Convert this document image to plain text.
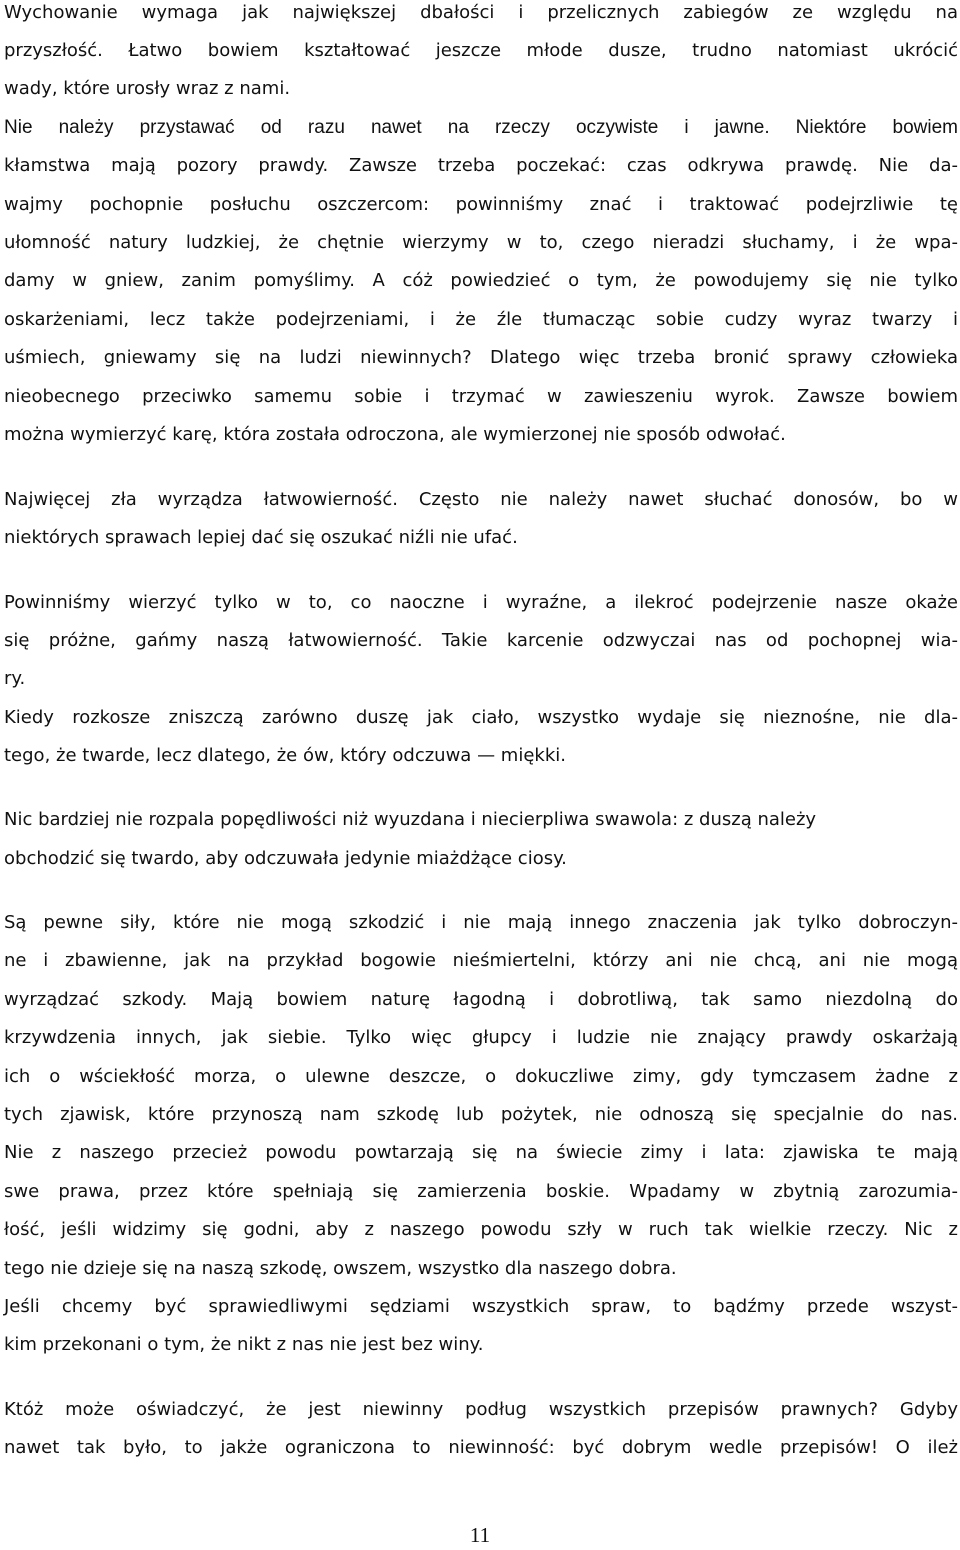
Wychowanie wymaga jak największej dbałości i przelicznych zabiegów ze względu na
przyszłość. Łatwo bowiem kształtować jeszcze młode dusze, trudno natomiast ukrócić
wady, które urosły wraz z nami.
Nie należy przystawać od razu nawet na rzeczy oczywiste i jawne. Niektóre bowiem
kłamstwa mają pozory prawdy. Zawsze trzeba poczekać: czas odkrywa prawdę. Nie da-
wajmy pochopnie posłuchu oszczercom: powinniśmy znać i traktować podejrzliwie tę
ułomność natury ludzkiej, że chętnie wierzymy w to, czego nieradzi słuchamy, i że wpa-
damy w gniew, zanim pomyślimy. A cóż powiedzieć o tym, że powodujemy się nie tylko
oskarżeniami, lecz także podejrzeniami, i że źle tłumacząc sobie cudzy wyraz twarzy i
uśmiech, gniewamy się na ludzi niewinnych? Dlatego więc trzeba bronić sprawy człowieka
nieobecnego przeciwko samemu sobie i trzymać w zawieszeniu wyrok. Zawsze bowiem
można wymierzyć karę, która została odroczona, ale wymierzonej nie sposób odwołać.
Najwięcej zła wyrządza łatwowierność. Często nie należy nawet słuchać donosów, bo w
niektórych sprawach lepiej dać się oszukać niźli nie ufać.
Powinniśmy wierzyć tylko w to, co naoczne i wyraźne, a ilekroć podejrzenie nasze okaże
się próżne, gańmy naszą łatwowierność. Takie karcenie odzwyczai nas od pochopnej wia-
ry.
Kiedy rozkosze zniszczą zarówno duszę jak ciało, wszystko wydaje się nieznośne, nie dla-
tego, że twarde, lecz dlatego, że ów, który odczuwa — miękki.
Nic bardziej nie rozpala popędliwości niż wyuzdana i niecierpliwa swawola: z duszą należy
obchodzić się twardo, aby odczuwała jedynie miażdżące ciosy.
Są pewne siły, które nie mogą szkodzić i nie mają innego znaczenia jak tylko dobroczyn-
ne i zbawienne, jak na przykład bogowie nieśmiertelni, którzy ani nie chcą, ani nie mogą
wyrządzać szkody. Mają bowiem naturę łagodną i dobrotliwą, tak samo niezdolną do
krzywdzenia innych, jak siebie. Tylko więc głupcy i ludzie nie znający prawdy oskarżają
ich o wściekłość morza, o ulewne deszcze, o dokuczliwe zimy, gdy tymczasem żadne z
tych zjawisk, które przynoszą nam szkodę lub pożytek, nie odnoszą się specjalnie do nas.
Nie z naszego przecież powodu powtarzają się na świecie zimy i lata: zjawiska te mają
swe prawa, przez które spełniają się zamierzenia boskie. Wpadamy w zbytnią zarozumia-
łość, jeśli widzimy się godni, aby z naszego powodu szły w ruch tak wielkie rzeczy. Nic z
tego nie dzieje się na naszą szkodę, owszem, wszystko dla naszego dobra.
Jeśli chcemy być sprawiedliwymi sędziami wszystkich spraw, to bądźmy przede wszyst-
kim przekonani o tym, że nikt z nas nie jest bez winy.
Któż może oświadczyć, że jest niewinny podług wszystkich przepisów prawnych? Gdyby
nawet tak było, to jakże ograniczona to niewinność: być dobrym wedle przepisów! O ileż
11
